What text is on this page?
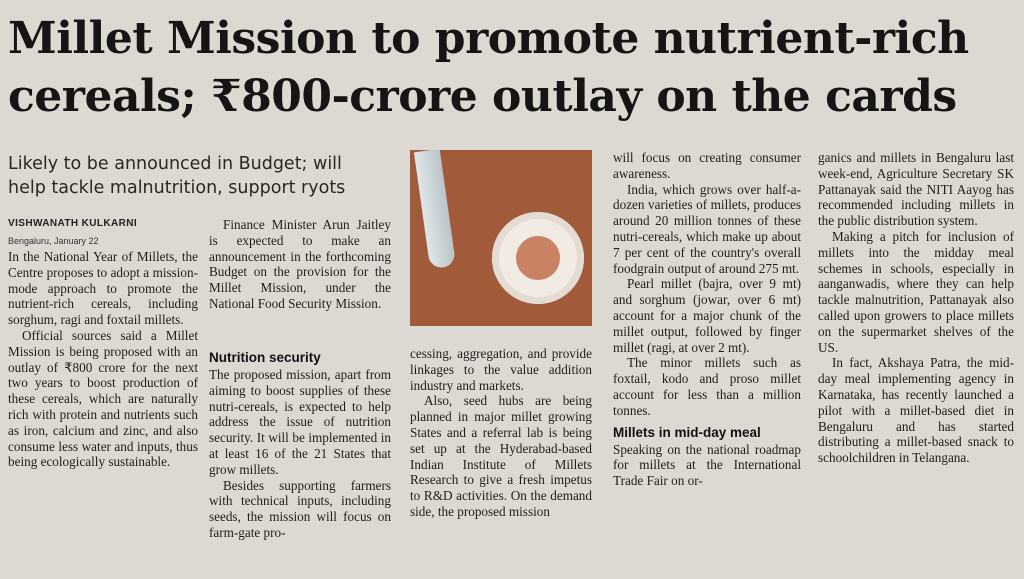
Millet Mission to promote nutrient-rich
cereals; ₹800-crore outlay on the cards

Likely to be announced in Budget; will
help tackle malnutrition, support ryots

VISHWANATH KULKARNI
Bengaluru, January 22

In the National Year of Millets, the Centre proposes to adopt a mission-mode approach to promote the nutrient-rich cereals, including sorghum, ragi and foxtail millets.

Official sources said a Millet Mission is being proposed with an outlay of ₹800 crore for the next two years to boost production of these cereals, which are naturally rich with protein and nutrients such as iron, calcium and zinc, and also consume less water and inputs, thus being ecologically sustainable.

Finance Minister Arun Jaitley is expected to make an announcement in the forthcoming Budget on the provision for the Millet Mission, under the National Food Security Mission.

Nutrition security

The proposed mission, apart from aiming to boost supplies of these nutri-cereals, is expected to help address the issue of nutrition security. It will be implemented in at least 16 of the 21 States that grow millets.

Besides supporting farmers with technical inputs, including seeds, the mission will focus on farm-gate pro-

cessing, aggregation, and provide linkages to the value addition industry and markets.

Also, seed hubs are being planned in major millet growing States and a referral lab is being set up at the Hyderabad-based Indian Institute of Millets Research to give a fresh impetus to R&D activities. On the demand side, the proposed mission

will focus on creating consumer awareness.

India, which grows over half-a-dozen varieties of millets, produces around 20 million tonnes of these nutri-cereals, which make up about 7 per cent of the country's overall foodgrain output of around 275 mt.

Pearl millet (bajra, over 9 mt) and sorghum (jowar, over 6 mt) account for a major chunk of the millet output, followed by finger millet (ragi, at over 2 mt).

The minor millets such as foxtail, kodo and proso millet account for less than a million tonnes.

Millets in mid-day meal

Speaking on the national roadmap for millets at the International Trade Fair on or-

ganics and millets in Bengaluru last week-end, Agriculture Secretary SK Pattanayak said the NITI Aayog has recommended including millets in the public distribution system.

Making a pitch for inclusion of millets into the midday meal schemes in schools, especially in aanganwadis, where they can help tackle malnutrition, Pattanayak also called upon growers to place millets on the supermarket shelves of the US.

In fact, Akshaya Patra, the mid-day meal implementing agency in Karnataka, has recently launched a pilot with a millet-based diet in Bengaluru and has started distributing a millet-based snack to schoolchildren in Telangana.
